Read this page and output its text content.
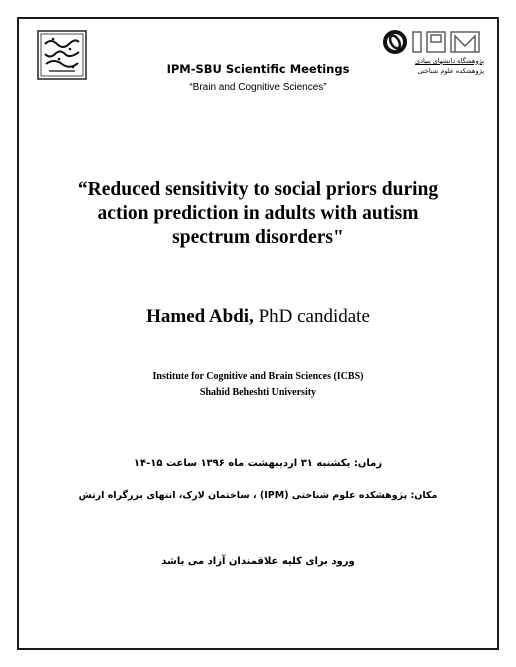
پژوهشگاه دانشهای بنیادی
پژوهشکده علوم شناختی
IPM-SBU Scientific Meetings
“Brain and Cognitive Sciences”
“Reduced sensitivity to social priors during
action prediction in adults with autism
spectrum disorders"
Hamed Abdi, PhD candidate
Institute for Cognitive and Brain Sciences (ICBS)
Shahid Beheshti University
زمان: یکشنبه ۳۱ اردیبهشت ماه ۱۳۹۶ ساعت ۱۵-۱۴
مکان: پژوهشکده علوم شناختی (IPM) ، ساختمان لارک، انتهای بزرگراه ارتش
ورود برای کلیه علاقمندان آزاد می باشد
